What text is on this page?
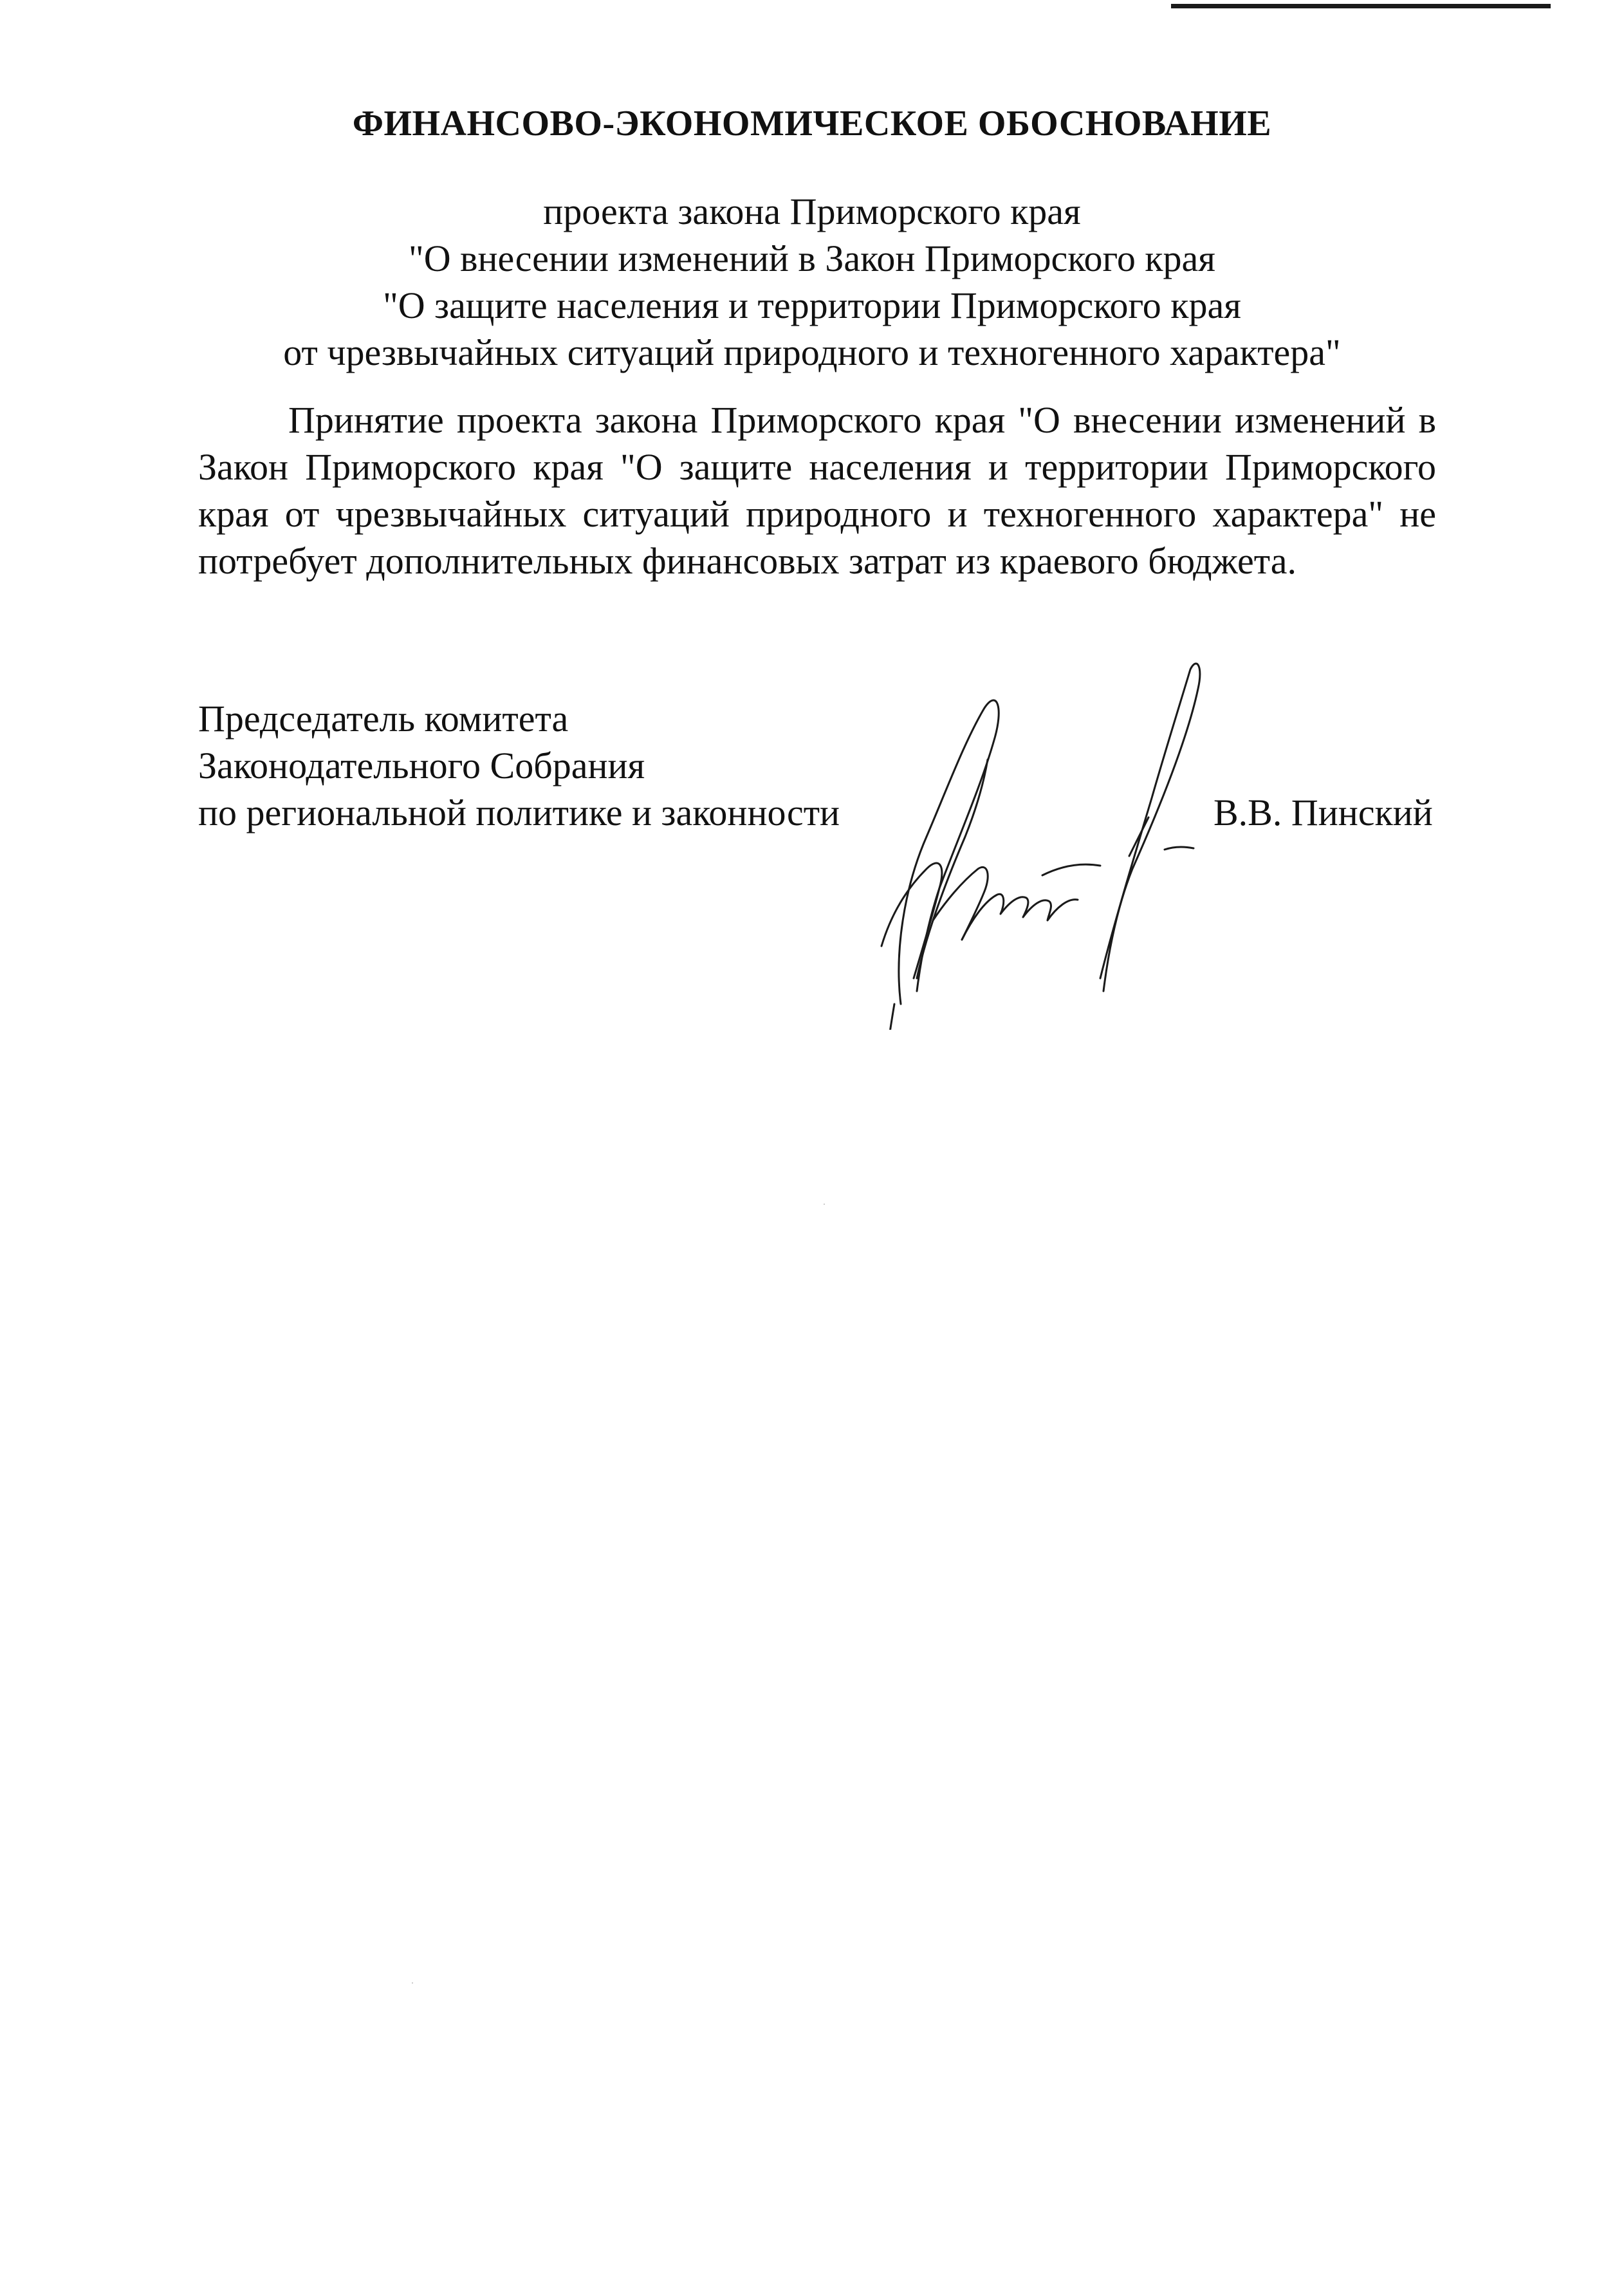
ФИНАНСОВО-ЭКОНОМИЧЕСКОЕ ОБОСНОВАНИЕ
проекта закона Приморского края
"О внесении изменений в Закон Приморского края
"О защите населения и территории Приморского края
от чрезвычайных ситуаций природного и техногенного характера"

Принятие проекта закона Приморского края "О внесении изменений в Закон Приморского края "О защите населения и территории Приморского края от чрезвычайных ситуаций природного и техногенного характера" не потребует дополнительных финансовых затрат из краевого бюджета.

Председатель комитета
Законодательного Собрания
по региональной политике и законности	В.В. Пинский
